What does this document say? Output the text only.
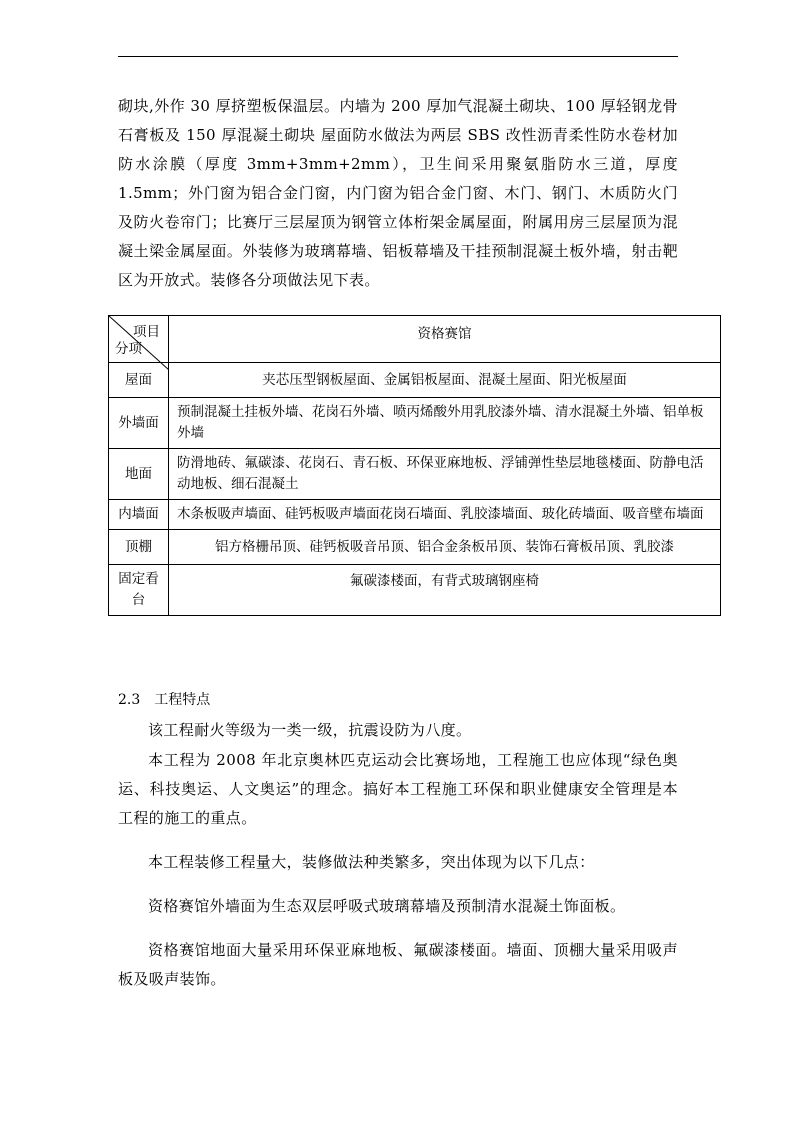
砌块,外作 30 厚挤塑板保温层。内墙为 200 厚加气混凝土砌块、100 厚轻钢龙骨石膏板及 150 厚混凝土砌块 屋面防水做法为两层 SBS 改性沥青柔性防水卷材加防水涂膜（厚度 3mm+3mm+2mm），卫生间采用聚氨脂防水三道，厚度 1.5mm；外门窗为铝合金门窗，内门窗为铝合金门窗、木门、钢门、木质防火门及防火卷帘门；比赛厅三层屋顶为钢管立体桁架金属屋面，附属用房三层屋顶为混凝土梁金属屋面。外装修为玻璃幕墙、铝板幕墙及干挂预制混凝土板外墙，射击靶区为开放式。装修各分项做法见下表。

项目
分项	资格赛馆
屋面	夹芯压型钢板屋面、金属铝板屋面、混凝土屋面、阳光板屋面
外墙面	预制混凝土挂板外墙、花岗石外墙、喷丙烯酸外用乳胶漆外墙、清水混凝土外墙、铝单板外墙
地面	防滑地砖、氟碳漆、花岗石、青石板、环保亚麻地板、浮铺弹性垫层地毯楼面、防静电活动地板、细石混凝土
内墙面	木条板吸声墙面、硅钙板吸声墙面花岗石墙面、乳胶漆墙面、玻化砖墙面、吸音壁布墙面
顶棚	铝方格栅吊顶、硅钙板吸音吊顶、铝合金条板吊顶、装饰石膏板吊顶、乳胶漆
固定看台	氟碳漆楼面，有背式玻璃钢座椅

2.3 工程特点

该工程耐火等级为一类一级，抗震设防为八度。

本工程为 2008 年北京奥林匹克运动会比赛场地，工程施工也应体现“绿色奥运、科技奥运、人文奥运”的理念。搞好本工程施工环保和职业健康安全管理是本工程的施工的重点。

本工程装修工程量大，装修做法种类繁多，突出体现为以下几点：

资格赛馆外墙面为生态双层呼吸式玻璃幕墙及预制清水混凝土饰面板。

资格赛馆地面大量采用环保亚麻地板、氟碳漆楼面。墙面、顶棚大量采用吸声板及吸声装饰。
